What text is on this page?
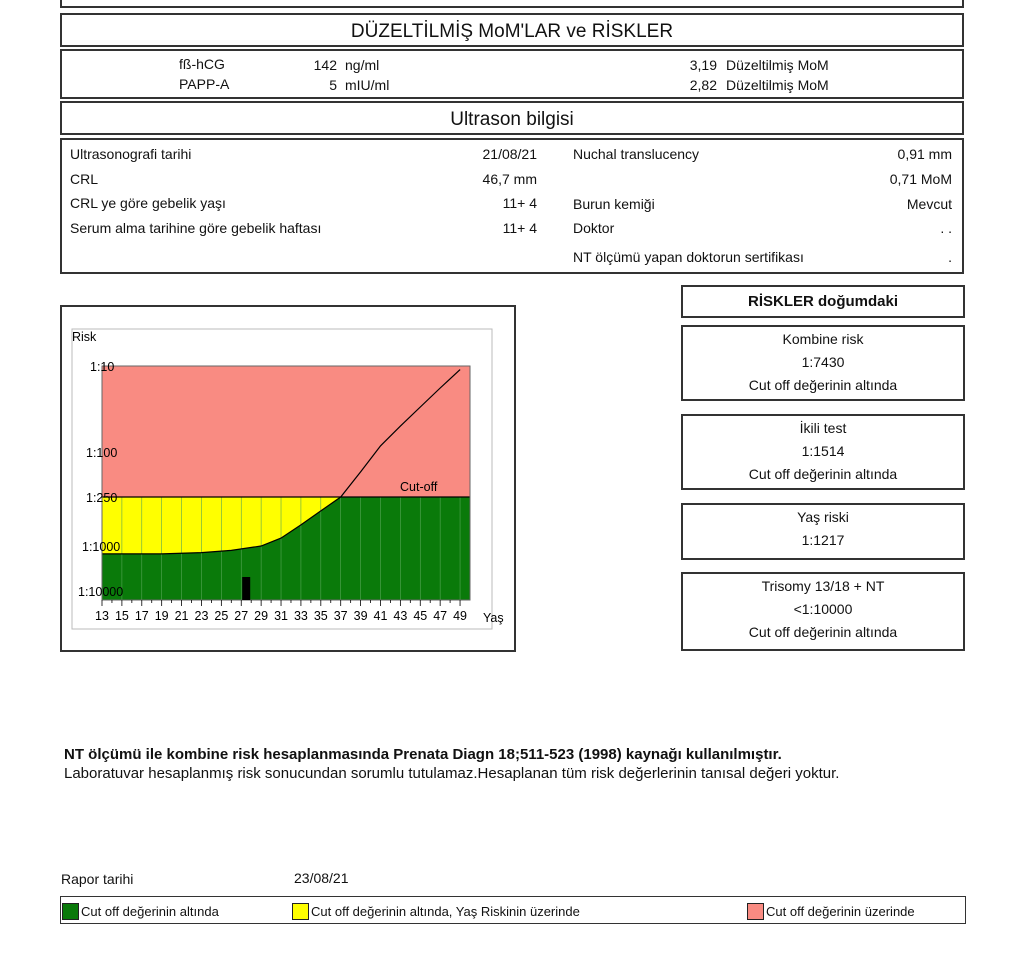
DÜZELTİLMİŞ MoM'LAR ve RİSKLER
fß-hCG	142 ng/ml	3,19 Düzeltilmiş MoM
PAPP-A	5 mIU/ml	2,82 Düzeltilmiş MoM
Ultrason bilgisi
Ultrasonografi tarihi	21/08/21
CRL	46,7 mm
CRL ye göre gebelik yaşı	11+ 4
Serum alma tarihine göre gebelik haftası	11+ 4
Nuchal translucency	0,91 mm
0,71 MoM
Burun kemiği	Mevcut
Doktor	. .
NT ölçümü yapan doktorun sertifikası	.
13 15 17 19 21 23 25 27 29 31 33 35 37 39 41 43 45 47 49
1:10
1:100
1:250
1:1000
1:10000
Risk
Yaş
Cut-off
RİSKLER doğumdaki
Kombine risk
1:7430
Cut off değerinin altında
İkili test
1:1514
Cut off değerinin altında
Yaş riski
1:1217
Trisomy 13/18 + NT
<1:10000
Cut off değerinin altında
NT ölçümü ile kombine risk hesaplanmasında Prenata Diagn 18;511-523 (1998) kaynağı kullanılmıştır.
Laboratuvar hesaplanmış risk sonucundan sorumlu tutulamaz.Hesaplanan tüm risk değerlerinin tanısal değeri yoktur.
Rapor tarihi	23/08/21
Cut off değerinin altında	Cut off değerinin altında, Yaş Riskinin üzerinde	Cut off değerinin üzerinde
